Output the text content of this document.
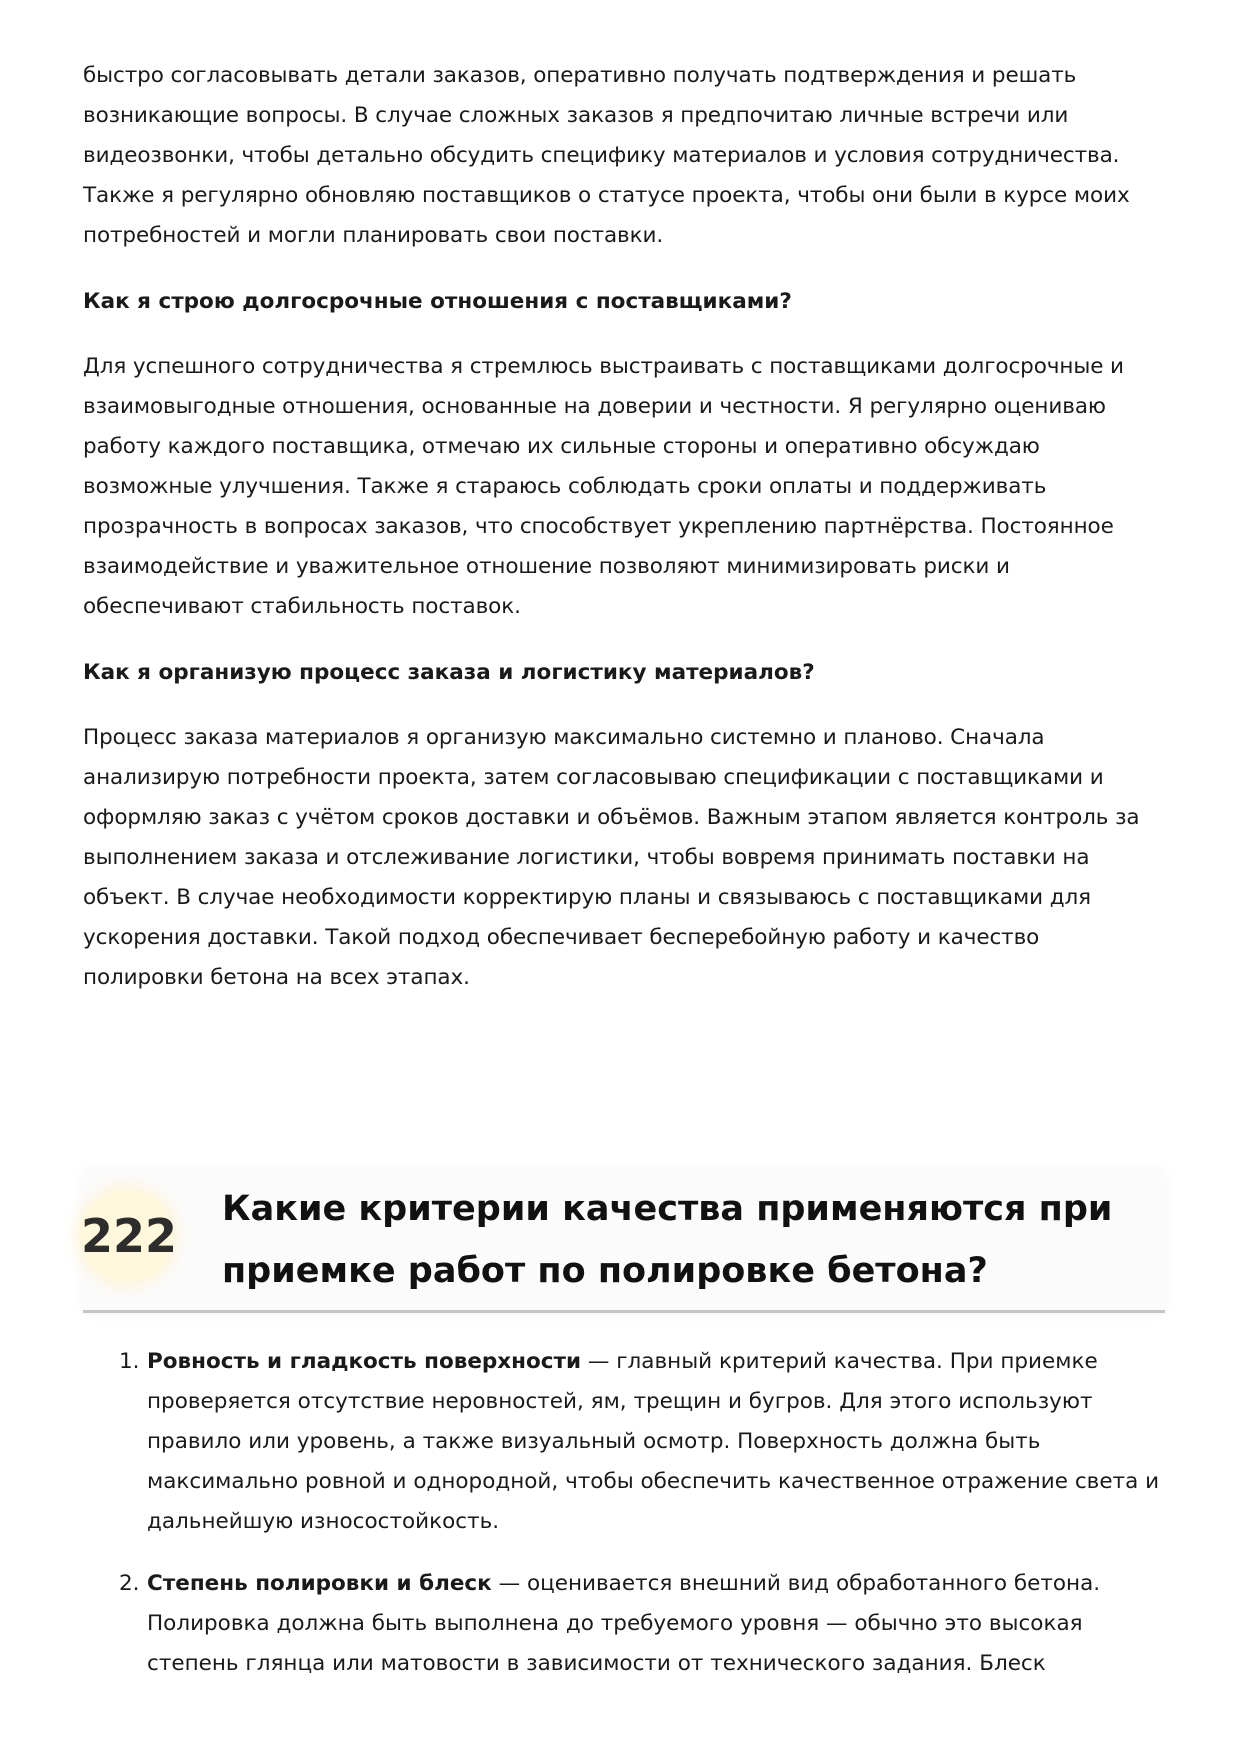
быстро согласовывать детали заказов, оперативно получать подтверждения и решать возникающие вопросы. В случае сложных заказов я предпочитаю личные встречи или видеозвонки, чтобы детально обсудить специфику материалов и условия сотрудничества. Также я регулярно обновляю поставщиков о статусе проекта, чтобы они были в курсе моих потребностей и могли планировать свои поставки.

Как я строю долгосрочные отношения с поставщиками?

Для успешного сотрудничества я стремлюсь выстраивать с поставщиками долгосрочные и взаимовыгодные отношения, основанные на доверии и честности. Я регулярно оцениваю работу каждого поставщика, отмечаю их сильные стороны и оперативно обсуждаю возможные улучшения. Также я стараюсь соблюдать сроки оплаты и поддерживать прозрачность в вопросах заказов, что способствует укреплению партнёрства. Постоянное взаимодействие и уважительное отношение позволяют минимизировать риски и обеспечивают стабильность поставок.

Как я организую процесс заказа и логистику материалов?

Процесс заказа материалов я организую максимально системно и планово. Сначала анализирую потребности проекта, затем согласовываю спецификации с поставщиками и оформляю заказ с учётом сроков доставки и объёмов. Важным этапом является контроль за выполнением заказа и отслеживание логистики, чтобы вовремя принимать поставки на объект. В случае необходимости корректирую планы и связываюсь с поставщиками для ускорения доставки. Такой подход обеспечивает бесперебойную работу и качество полировки бетона на всех этапах.

222 Какие критерии качества применяются при
приемке работ по полировке бетона?
1. Ровность и гладкость поверхности — главный критерий качества. При приемке проверяется отсутствие неровностей, ям, трещин и бугров. Для этого используют правило или уровень, а также визуальный осмотр. Поверхность должна быть максимально ровной и однородной, чтобы обеспечить качественное отражение света и дальнейшую износостойкость.
2. Степень полировки и блеск — оценивается внешний вид обработанного бетона. Полировка должна быть выполнена до требуемого уровня — обычно это высокая степень глянца или матовости в зависимости от технического задания. Блеск
